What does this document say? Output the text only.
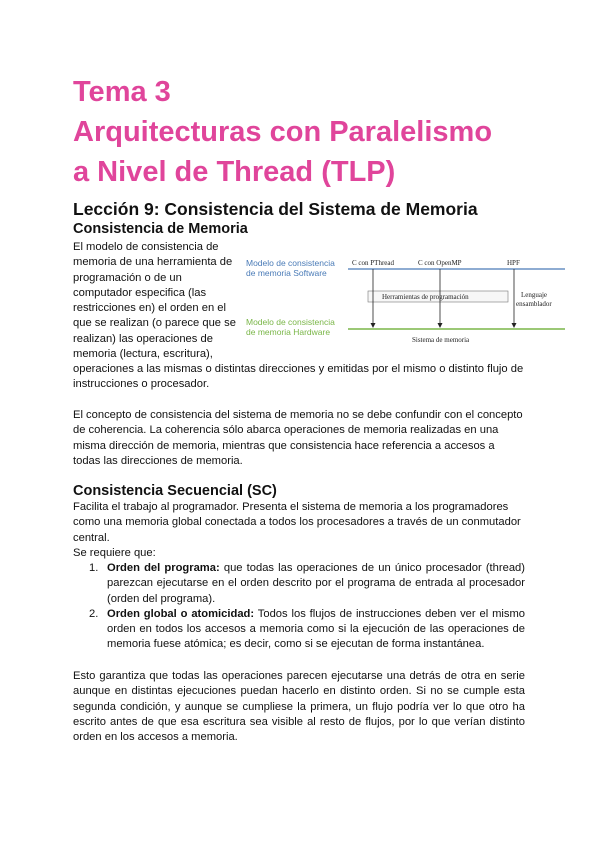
Tema 3
Arquitecturas con Paralelismo
a Nivel de Thread (TLP)
Lección 9: Consistencia del Sistema de Memoria
Consistencia de Memoria
El modelo de consistencia de
memoria de una herramienta de
programación o de un
computador especifica (las
restricciones en) el orden en el
que se realizan (o parece que se
realizan) las operaciones de
memoria (lectura, escritura),
Modelo de consistencia
de memoria Software
Modelo de consistencia
de memoria Hardware
C con PThread	C con OpenMP	HPF
Herramientas de programación	Lenguaje
ensamblador
Sistema de memoria

operaciones a las mismas o distintas direcciones y emitidas por el mismo o distinto flujo de instrucciones o procesador.

El concepto de consistencia del sistema de memoria no se debe confundir con el concepto de coherencia. La coherencia sólo abarca operaciones de memoria realizadas en una misma dirección de memoria, mientras que consistencia hace referencia a accesos a todas las direcciones de memoria.

Consistencia Secuencial (SC)

Facilita el trabajo al programador. Presenta el sistema de memoria a los programadores como una memoria global conectada a todos los procesadores a través de un conmutador central.

Se requiere que:

1. Orden del programa: que todas las operaciones de un único procesador (thread) parezcan ejecutarse en el orden descrito por el programa de entrada al procesador (orden del programa).
2. Orden global o atomicidad: Todos los flujos de instrucciones deben ver el mismo orden en todos los accesos a memoria como si la ejecución de las operaciones de memoria fuese atómica; es decir, como si se ejecutan de forma instantánea.

Esto garantiza que todas las operaciones parecen ejecutarse una detrás de otra en serie aunque en distintas ejecuciones puedan hacerlo en distinto orden. Si no se cumple esta segunda condición, y aunque se cumpliese la primera, un flujo podría ver lo que otro ha escrito antes de que esa escritura sea visible al resto de flujos, por lo que verían distinto orden en los accesos a memoria.
